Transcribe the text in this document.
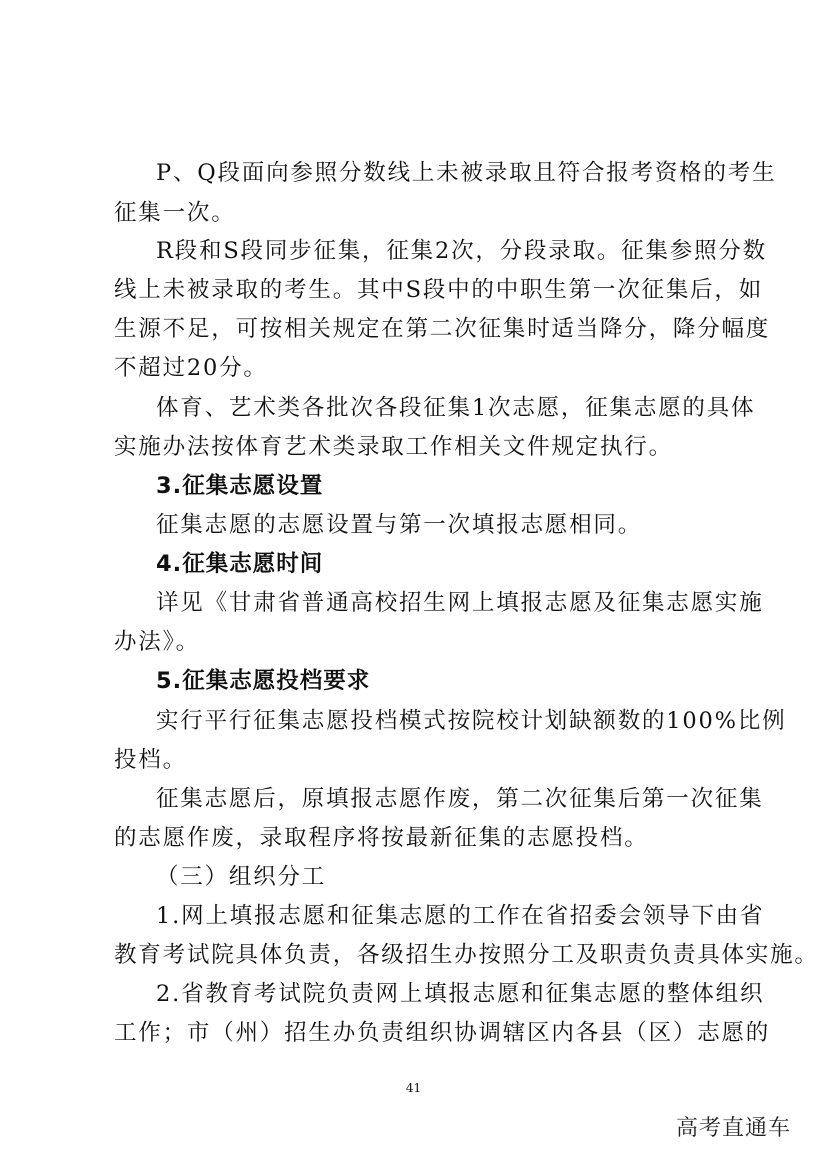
P、Q段面向参照分数线上未被录取且符合报考资格的考生
征集一次。
R段和S段同步征集，征集2次，分段录取。征集参照分数
线上未被录取的考生。其中S段中的中职生第一次征集后，如
生源不足，可按相关规定在第二次征集时适当降分，降分幅度
不超过20分。
体育、艺术类各批次各段征集1次志愿，征集志愿的具体
实施办法按体育艺术类录取工作相关文件规定执行。
3.征集志愿设置
征集志愿的志愿设置与第一次填报志愿相同。
4.征集志愿时间
详见《甘肃省普通高校招生网上填报志愿及征集志愿实施
办法》。
5.征集志愿投档要求
实行平行征集志愿投档模式按院校计划缺额数的100%比例
投档。
征集志愿后，原填报志愿作废，第二次征集后第一次征集
的志愿作废，录取程序将按最新征集的志愿投档。
（三）组织分工
1.网上填报志愿和征集志愿的工作在省招委会领导下由省
教育考试院具体负责，各级招生办按照分工及职责负责具体实施。
2.省教育考试院负责网上填报志愿和征集志愿的整体组织
工作；市（州）招生办负责组织协调辖区内各县（区）志愿的
41
高考直通车
